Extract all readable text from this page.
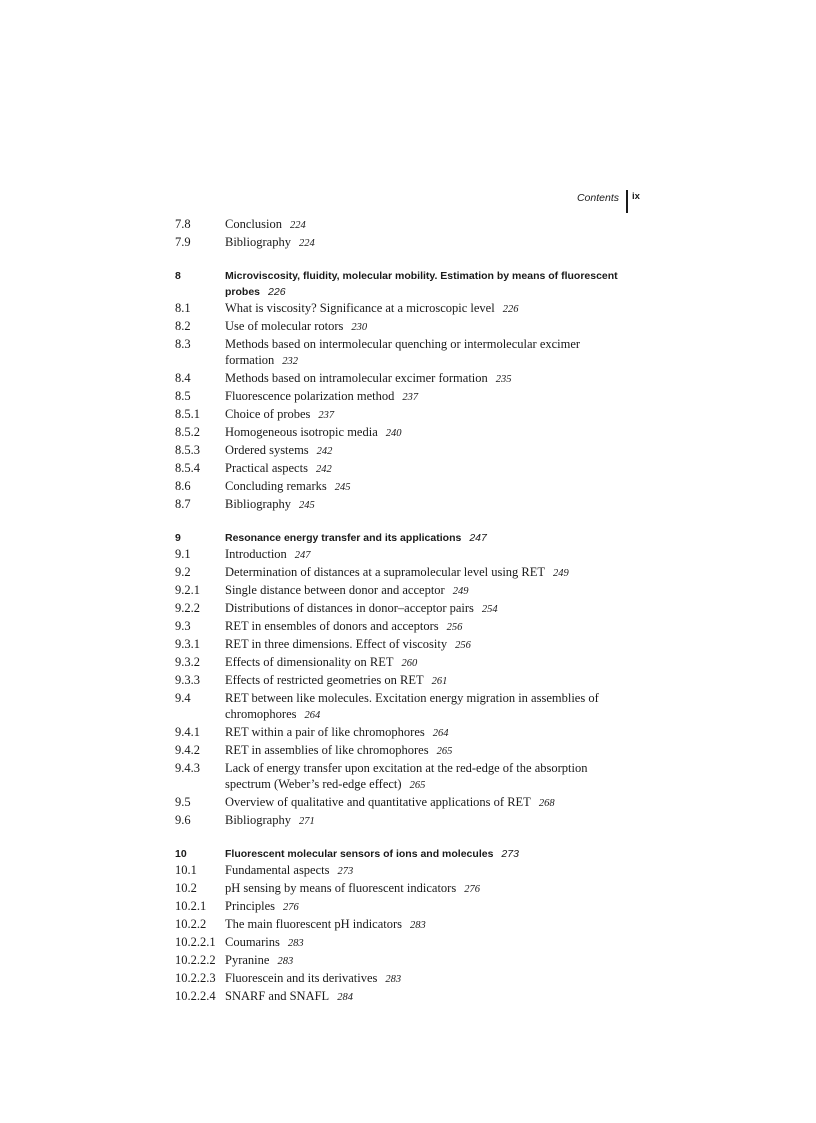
Contents ix
7.8	Conclusion 224
7.9	Bibliography 224
8	Microviscosity, fluidity, molecular mobility. Estimation by means of fluorescent probes 226
8.1	What is viscosity? Significance at a microscopic level 226
8.2	Use of molecular rotors 230
8.3	Methods based on intermolecular quenching or intermolecular excimer formation 232
8.4	Methods based on intramolecular excimer formation 235
8.5	Fluorescence polarization method 237
8.5.1	Choice of probes 237
8.5.2	Homogeneous isotropic media 240
8.5.3	Ordered systems 242
8.5.4	Practical aspects 242
8.6	Concluding remarks 245
8.7	Bibliography 245
9	Resonance energy transfer and its applications 247
9.1	Introduction 247
9.2	Determination of distances at a supramolecular level using RET 249
9.2.1	Single distance between donor and acceptor 249
9.2.2	Distributions of distances in donor–acceptor pairs 254
9.3	RET in ensembles of donors and acceptors 256
9.3.1	RET in three dimensions. Effect of viscosity 256
9.3.2	Effects of dimensionality on RET 260
9.3.3	Effects of restricted geometries on RET 261
9.4	RET between like molecules. Excitation energy migration in assemblies of chromophores 264
9.4.1	RET within a pair of like chromophores 264
9.4.2	RET in assemblies of like chromophores 265
9.4.3	Lack of energy transfer upon excitation at the red-edge of the absorption spectrum (Weber’s red-edge effect) 265
9.5	Overview of qualitative and quantitative applications of RET 268
9.6	Bibliography 271
10	Fluorescent molecular sensors of ions and molecules 273
10.1	Fundamental aspects 273
10.2	pH sensing by means of fluorescent indicators 276
10.2.1	Principles 276
10.2.2	The main fluorescent pH indicators 283
10.2.2.1 Coumarins 283
10.2.2.2 Pyranine 283
10.2.2.3 Fluorescein and its derivatives 283
10.2.2.4 SNARF and SNAFL 284
